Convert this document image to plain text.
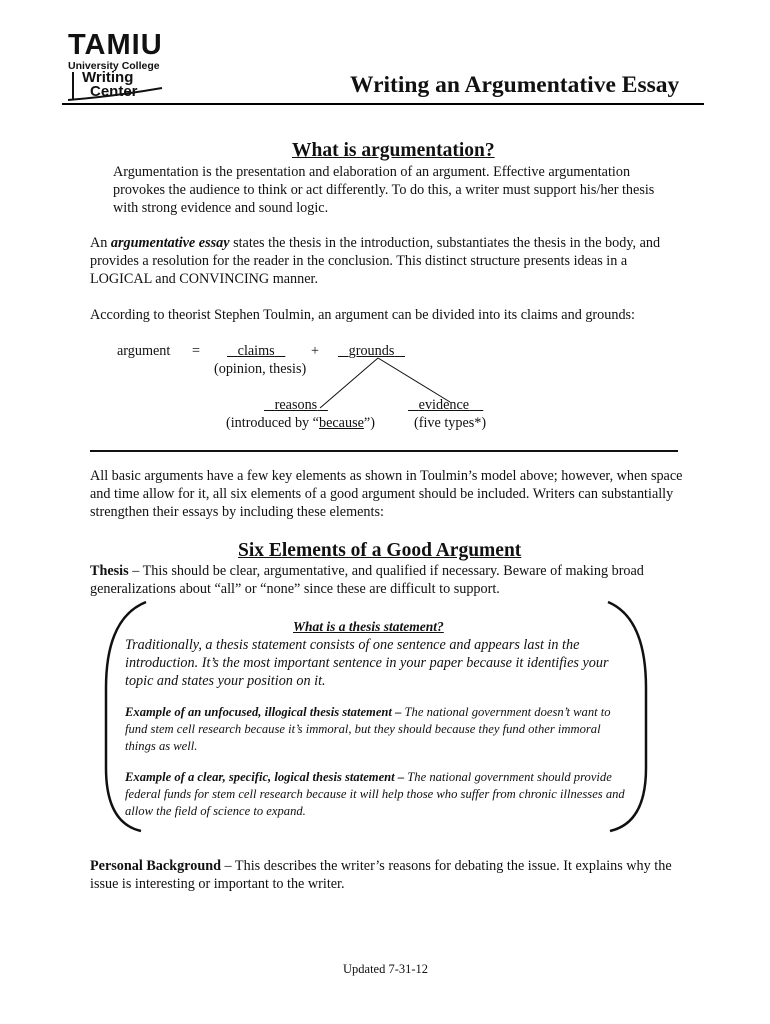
TAMIU
University College
Writing
Center	Writing an Argumentative Essay
What is argumentation?
Argumentation is the presentation and elaboration of an argument. Effective argumentation provokes the audience to think or act differently. To do this, a writer must support his/her thesis with strong evidence and sound logic.
An argumentative essay states the thesis in the introduction, substantiates the thesis in the body, and provides a resolution for the reader in the conclusion. This distinct structure presents ideas in a LOGICAL and CONVINCING manner.
According to theorist Stephen Toulmin, an argument can be divided into its claims and grounds:
argument =	claims	+	grounds
(opinion, thesis)
reasons	evidence
(introduced by “because”)	(five types*)
All basic arguments have a few key elements as shown in Toulmin’s model above; however, when space and time allow for it, all six elements of a good argument should be included. Writers can substantially strengthen their essays by including these elements:
Six Elements of a Good Argument
Thesis – This should be clear, argumentative, and qualified if necessary. Beware of making broad generalizations about “all” or “none” since these are difficult to support.
What is a thesis statement?
Traditionally, a thesis statement consists of one sentence and appears last in the introduction. It’s the most important sentence in your paper because it identifies your topic and states your position on it.
Example of an unfocused, illogical thesis statement – The national government doesn’t want to fund stem cell research because it’s immoral, but they should because they fund other immoral things as well.
Example of a clear, specific, logical thesis statement – The national government should provide federal funds for stem cell research because it will help those who suffer from chronic illnesses and allow the field of science to expand.
Personal Background – This describes the writer’s reasons for debating the issue. It explains why the issue is interesting or important to the writer.
Updated 7-31-12
